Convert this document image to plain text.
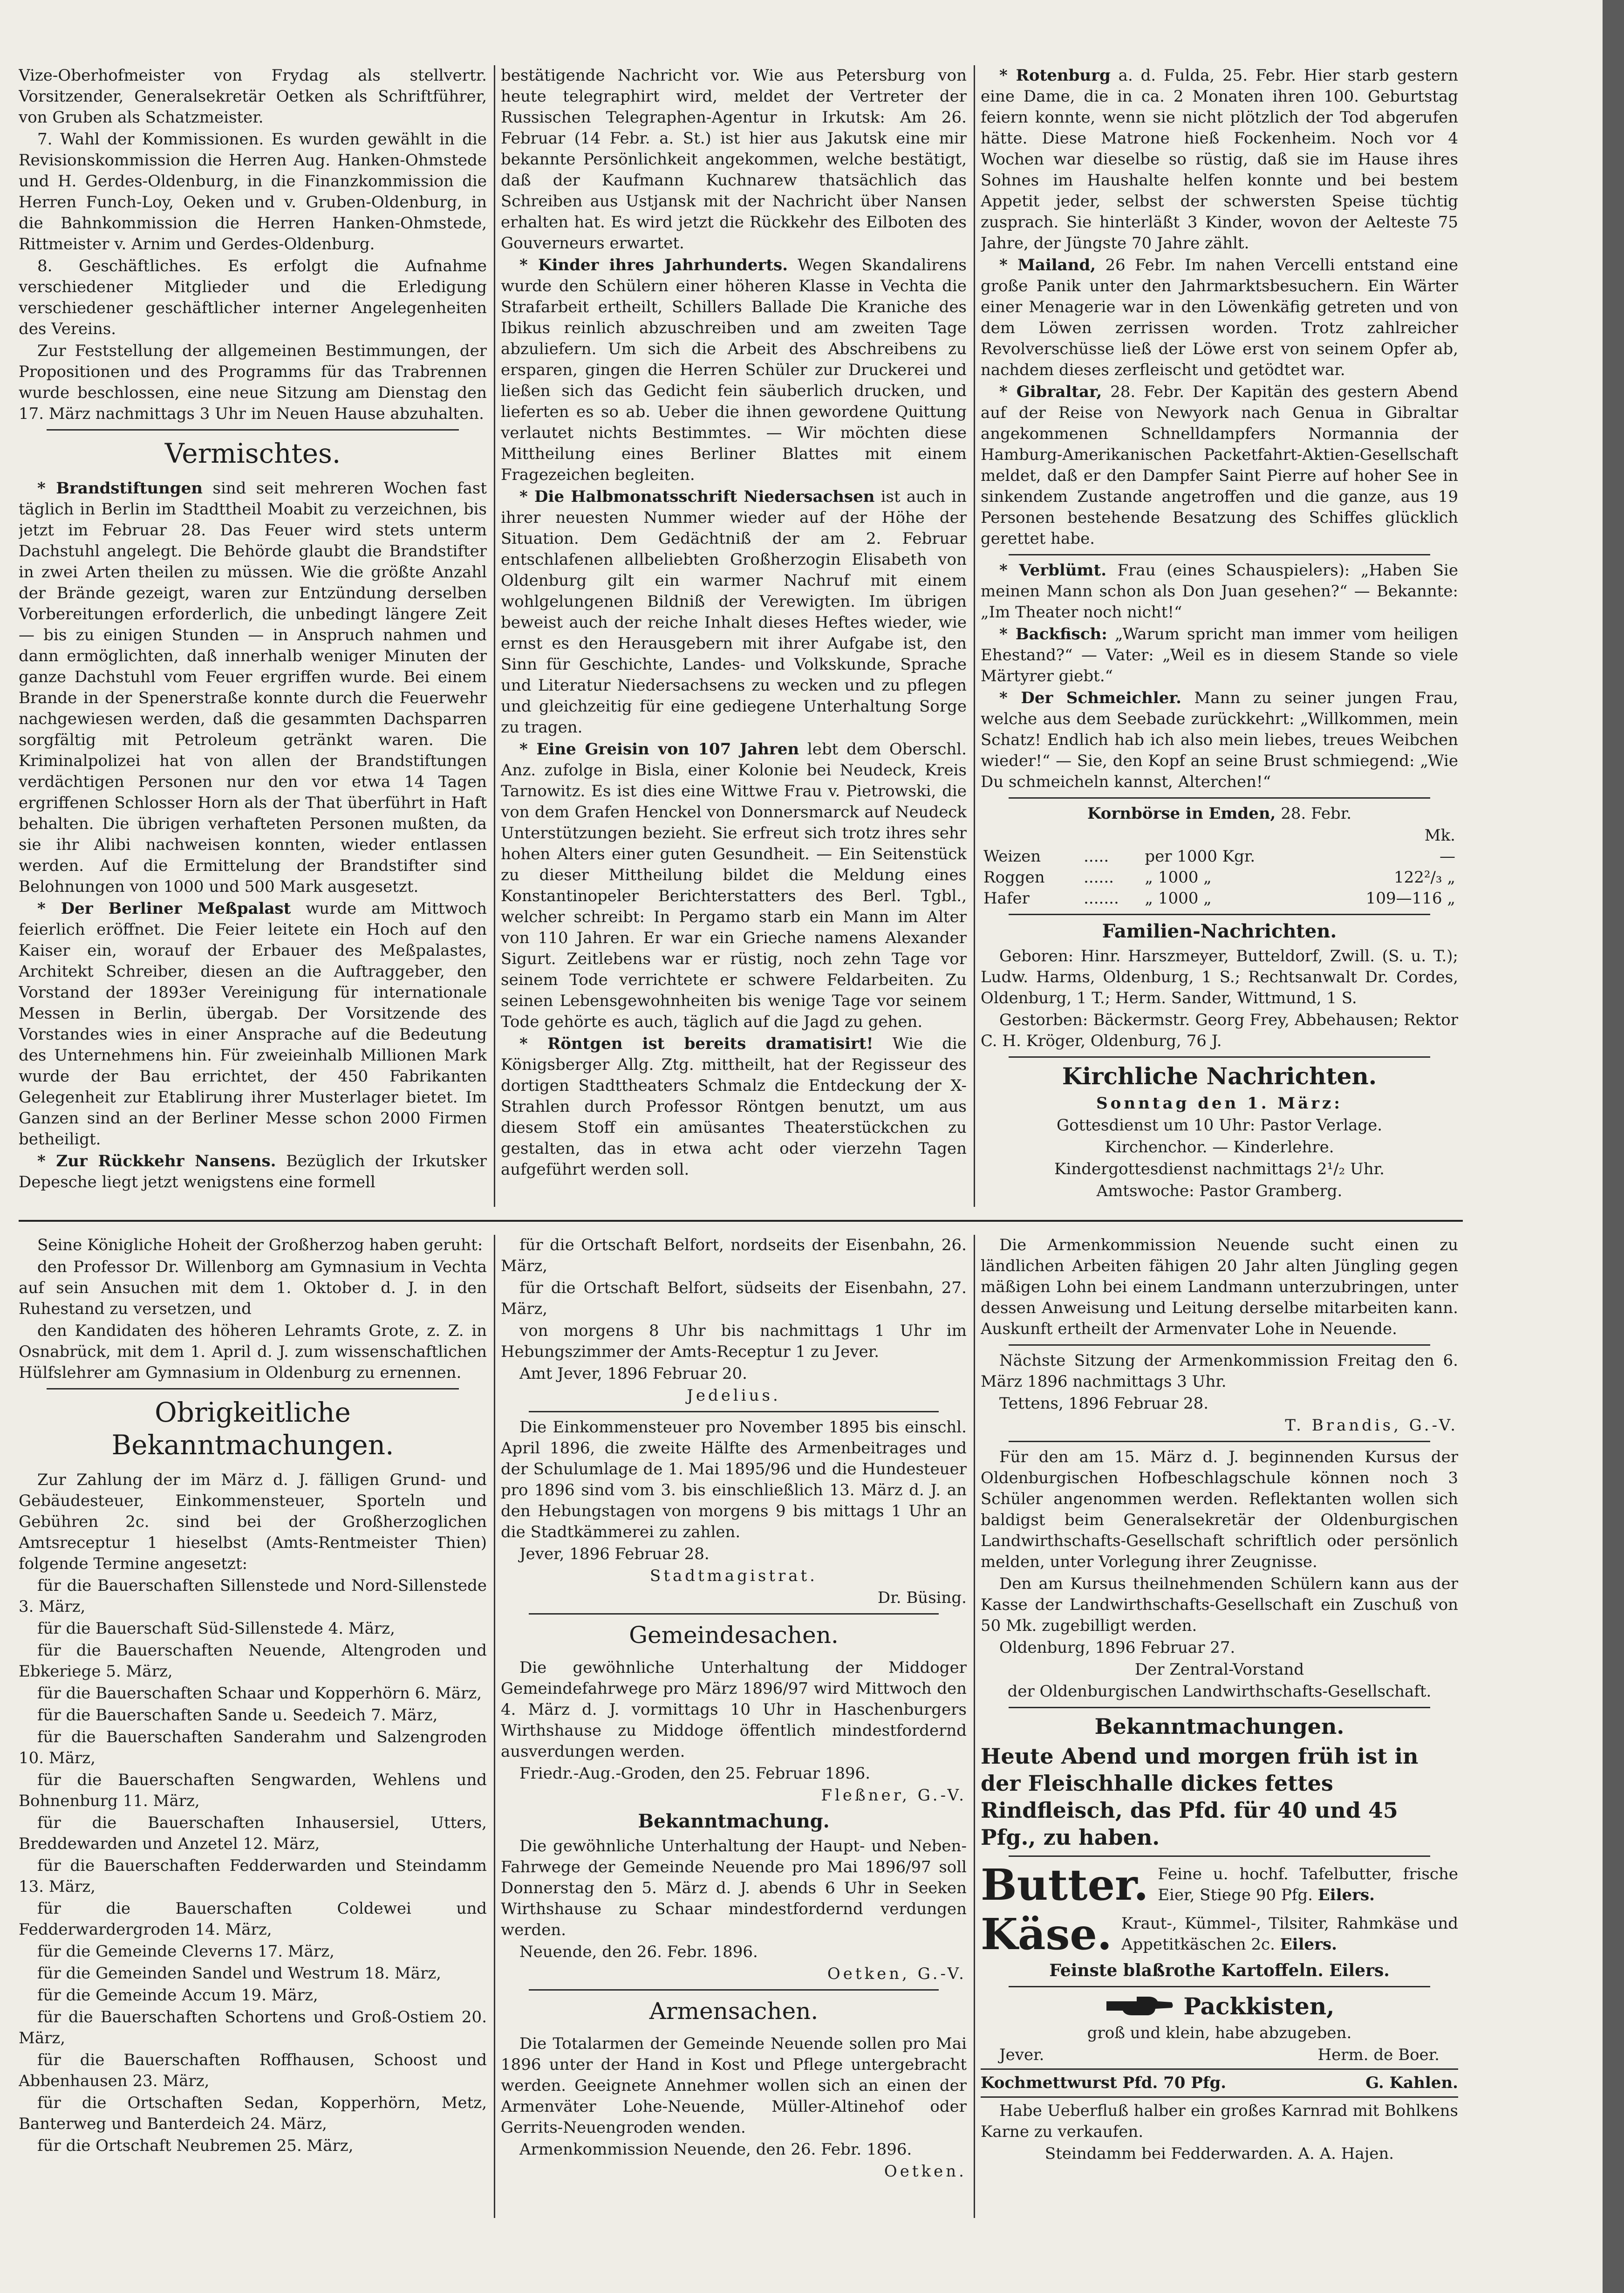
Vize-Oberhofmeister von Frydag als stellvertr. Vorsitzender, Generalsekretär Oetken als Schriftführer, von Gruben als Schatzmeister.

7. Wahl der Kommissionen. Es wurden gewählt in die Revisionskommission die Herren Aug. Hanken-Ohmstede und H. Gerdes-Oldenburg, in die Finanzkommission die Herren Funch-Loy, Oeken und v. Gruben-Oldenburg, in die Bahnkommission die Herren Hanken-Ohmstede, Rittmeister v. Arnim und Gerdes-Oldenburg.

8. Geschäftliches. Es erfolgt die Aufnahme verschiedener Mitglieder und die Erledigung verschiedener geschäftlicher interner Angelegenheiten des Vereins.

Zur Feststellung der allgemeinen Bestimmungen, der Propositionen und des Programms für das Trabrennen wurde beschlossen, eine neue Sitzung am Dienstag den 17. März nachmittags 3 Uhr im Neuen Hause abzuhalten.

Vermischtes.

* Brandstiftungen sind seit mehreren Wochen fast täglich in Berlin im Stadttheil Moabit zu verzeichnen, bis jetzt im Februar 28. Das Feuer wird stets unterm Dachstuhl angelegt. Die Behörde glaubt die Brandstifter in zwei Arten theilen zu müssen. Wie die größte Anzahl der Brände gezeigt, waren zur Entzündung derselben Vorbereitungen erforderlich, die unbedingt längere Zeit — bis zu einigen Stunden — in Anspruch nahmen und dann ermöglichten, daß innerhalb weniger Minuten der ganze Dachstuhl vom Feuer ergriffen wurde. Bei einem Brande in der Spenerstraße konnte durch die Feuerwehr nachgewiesen werden, daß die gesammten Dachsparren sorgfältig mit Petroleum getränkt waren. Die Kriminalpolizei hat von allen der Brandstiftungen verdächtigen Personen nur den vor etwa 14 Tagen ergriffenen Schlosser Horn als der That überführt in Haft behalten. Die übrigen verhafteten Personen mußten, da sie ihr Alibi nachweisen konnten, wieder entlassen werden. Auf die Ermittelung der Brandstifter sind Belohnungen von 1000 und 500 Mark ausgesetzt.

* Der Berliner Meßpalast wurde am Mittwoch feierlich eröffnet. Die Feier leitete ein Hoch auf den Kaiser ein, worauf der Erbauer des Meßpalastes, Architekt Schreiber, diesen an die Auftraggeber, den Vorstand der 1893er Vereinigung für internationale Messen in Berlin, übergab. Der Vorsitzende des Vorstandes wies in einer Ansprache auf die Bedeutung des Unternehmens hin. Für zweieinhalb Millionen Mark wurde der Bau errichtet, der 450 Fabrikanten Gelegenheit zur Etablirung ihrer Musterlager bietet. Im Ganzen sind an der Berliner Messe schon 2000 Firmen betheiligt.

* Zur Rückkehr Nansens. Bezüglich der Irkutsker Depesche liegt jetzt wenigstens eine formell

bestätigende Nachricht vor. Wie aus Petersburg von heute telegraphirt wird, meldet der Vertreter der Russischen Telegraphen-Agentur in Irkutsk: Am 26. Februar (14 Febr. a. St.) ist hier aus Jakutsk eine mir bekannte Persönlichkeit angekommen, welche bestätigt, daß der Kaufmann Kuchnarew thatsächlich das Schreiben aus Ustjansk mit der Nachricht über Nansen erhalten hat. Es wird jetzt die Rückkehr des Eilboten des Gouverneurs erwartet.

* Kinder ihres Jahrhunderts. Wegen Skandalirens wurde den Schülern einer höheren Klasse in Vechta die Strafarbeit ertheilt, Schillers Ballade Die Kraniche des Ibikus reinlich abzuschreiben und am zweiten Tage abzuliefern. Um sich die Arbeit des Abschreibens zu ersparen, gingen die Herren Schüler zur Druckerei und ließen sich das Gedicht fein säuberlich drucken, und lieferten es so ab. Ueber die ihnen gewordene Quittung verlautet nichts Bestimmtes. — Wir möchten diese Mittheilung eines Berliner Blattes mit einem Fragezeichen begleiten.

* Die Halbmonatsschrift Niedersachsen ist auch in ihrer neuesten Nummer wieder auf der Höhe der Situation. Dem Gedächtniß der am 2. Februar entschlafenen allbeliebten Großherzogin Elisabeth von Oldenburg gilt ein warmer Nachruf mit einem wohlgelungenen Bildniß der Verewigten. Im übrigen beweist auch der reiche Inhalt dieses Heftes wieder, wie ernst es den Herausgebern mit ihrer Aufgabe ist, den Sinn für Geschichte, Landes- und Volkskunde, Sprache und Literatur Niedersachsens zu wecken und zu pflegen und gleichzeitig für eine gediegene Unterhaltung Sorge zu tragen.

* Eine Greisin von 107 Jahren lebt dem Oberschl. Anz. zufolge in Bisla, einer Kolonie bei Neudeck, Kreis Tarnowitz. Es ist dies eine Wittwe Frau v. Pietrowski, die von dem Grafen Henckel von Donnersmarck auf Neudeck Unterstützungen bezieht. Sie erfreut sich trotz ihres sehr hohen Alters einer guten Gesundheit. — Ein Seitenstück zu dieser Mittheilung bildet die Meldung eines Konstantinopeler Berichterstatters des Berl. Tgbl., welcher schreibt: In Pergamo starb ein Mann im Alter von 110 Jahren. Er war ein Grieche namens Alexander Sigurt. Zeitlebens war er rüstig, noch zehn Tage vor seinem Tode verrichtete er schwere Feldarbeiten. Zu seinen Lebensgewohnheiten bis wenige Tage vor seinem Tode gehörte es auch, täglich auf die Jagd zu gehen.

* Röntgen ist bereits dramatisirt! Wie die Königsberger Allg. Ztg. mittheilt, hat der Regisseur des dortigen Stadttheaters Schmalz die Entdeckung der X-Strahlen durch Professor Röntgen benutzt, um aus diesem Stoff ein amüsantes Theaterstückchen zu gestalten, das in etwa acht oder vierzehn Tagen aufgeführt werden soll.

* Rotenburg a. d. Fulda, 25. Febr. Hier starb gestern eine Dame, die in ca. 2 Monaten ihren 100. Geburtstag feiern konnte, wenn sie nicht plötzlich der Tod abgerufen hätte. Diese Matrone hieß Fockenheim. Noch vor 4 Wochen war dieselbe so rüstig, daß sie im Hause ihres Sohnes im Haushalte helfen konnte und bei bestem Appetit jeder, selbst der schwersten Speise tüchtig zusprach. Sie hinterläßt 3 Kinder, wovon der Aelteste 75 Jahre, der Jüngste 70 Jahre zählt.

* Mailand, 26 Febr. Im nahen Vercelli entstand eine große Panik unter den Jahrmarktsbesuchern. Ein Wärter einer Menagerie war in den Löwenkäfig getreten und von dem Löwen zerrissen worden. Trotz zahlreicher Revolverschüsse ließ der Löwe erst von seinem Opfer ab, nachdem dieses zerfleischt und getödtet war.

* Gibraltar, 28. Febr. Der Kapitän des gestern Abend auf der Reise von Newyork nach Genua in Gibraltar angekommenen Schnelldampfers Normannia der Hamburg-Amerikanischen Packetfahrt-Aktien-Gesellschaft meldet, daß er den Dampfer Saint Pierre auf hoher See in sinkendem Zustande angetroffen und die ganze, aus 19 Personen bestehende Besatzung des Schiffes glücklich gerettet habe.

* Verblümt. Frau (eines Schauspielers): „Haben Sie meinen Mann schon als Don Juan gesehen?“ — Bekannte: „Im Theater noch nicht!“

* Backfisch: „Warum spricht man immer vom heiligen Ehestand?“ — Vater: „Weil es in diesem Stande so viele Märtyrer giebt.“

* Der Schmeichler. Mann zu seiner jungen Frau, welche aus dem Seebade zurückkehrt: „Willkommen, mein Schatz! Endlich hab ich also mein liebes, treues Weibchen wieder!“ — Sie, den Kopf an seine Brust schmiegend: „Wie Du schmeicheln kannst, Alterchen!“

Kornbörse in Emden, 28. Febr.

			Mk.
Weizen	.....	per 1000 Kgr.	—
Roggen	......	„ 1000 „	122²/₃ „
Hafer	.......	„ 1000 „	109—116 „
Familien-Nachrichten.

Geboren: Hinr. Harszmeyer, Butteldorf, Zwill. (S. u. T.); Ludw. Harms, Oldenburg, 1 S.; Rechtsanwalt Dr. Cordes, Oldenburg, 1 T.; Herm. Sander, Wittmund, 1 S.

Gestorben: Bäckermstr. Georg Frey, Abbehausen; Rektor C. H. Kröger, Oldenburg, 76 J.

Kirchliche Nachrichten.

Sonntag den 1. März:

Gottesdienst um 10 Uhr: Pastor Verlage.

Kirchenchor. — Kinderlehre.

Kindergottesdienst nachmittags 2¹/₂ Uhr.

Amtswoche: Pastor Gramberg.

Seine Königliche Hoheit der Großherzog haben geruht:

den Professor Dr. Willenborg am Gymnasium in Vechta auf sein Ansuchen mit dem 1. Oktober d. J. in den Ruhestand zu versetzen, und

den Kandidaten des höheren Lehramts Grote, z. Z. in Osnabrück, mit dem 1. April d. J. zum wissenschaftlichen Hülfslehrer am Gymnasium in Oldenburg zu ernennen.

Obrigkeitliche Bekanntmachungen.

Zur Zahlung der im März d. J. fälligen Grund- und Gebäudesteuer, Einkommensteuer, Sporteln und Gebühren 2c. sind bei der Großherzoglichen Amtsreceptur 1 hieselbst (Amts-Rentmeister Thien) folgende Termine angesetzt:

für die Bauerschaften Sillenstede und Nord-Sillenstede 3. März,

für die Bauerschaft Süd-Sillenstede 4. März,

für die Bauerschaften Neuende, Altengroden und Ebkeriege 5. März,

für die Bauerschaften Schaar und Kopperhörn 6. März,

für die Bauerschaften Sande u. Seedeich 7. März,

für die Bauerschaften Sanderahm und Salzengroden 10. März,

für die Bauerschaften Sengwarden, Wehlens und Bohnenburg 11. März,

für die Bauerschaften Inhausersiel, Utters, Breddewarden und Anzetel 12. März,

für die Bauerschaften Fedderwarden und Steindamm 13. März,

für die Bauerschaften Coldewei und Fedderwardergroden 14. März,

für die Gemeinde Cleverns 17. März,

für die Gemeinden Sandel und Westrum 18. März,

für die Gemeinde Accum 19. März,

für die Bauerschaften Schortens und Groß-Ostiem 20. März,

für die Bauerschaften Roffhausen, Schoost und Abbenhausen 23. März,

für die Ortschaften Sedan, Kopperhörn, Metz, Banterweg und Banterdeich 24. März,

für die Ortschaft Neubremen 25. März,

für die Ortschaft Belfort, nordseits der Eisenbahn, 26. März,

für die Ortschaft Belfort, südseits der Eisenbahn, 27. März,

von morgens 8 Uhr bis nachmittags 1 Uhr im Hebungszimmer der Amts-Receptur 1 zu Jever.

Amt Jever, 1896 Februar 20.

Jedelius.

Die Einkommensteuer pro November 1895 bis einschl. April 1896, die zweite Hälfte des Armenbeitrages und der Schulumlage de 1. Mai 1895/96 und die Hundesteuer pro 1896 sind vom 3. bis einschließlich 13. März d. J. an den Hebungstagen von morgens 9 bis mittags 1 Uhr an die Stadtkämmerei zu zahlen.

Jever, 1896 Februar 28.

Stadtmagistrat.

Dr. Büsing.

Gemeindesachen.

Die gewöhnliche Unterhaltung der Middoger Gemeindefahrwege pro März 1896/97 wird Mittwoch den 4. März d. J. vormittags 10 Uhr in Haschenburgers Wirthshause zu Middoge öffentlich mindestfordernd ausverdungen werden.

Friedr.-Aug.-Groden, den 25. Februar 1896.

Fleßner, G.-V.

Bekanntmachung.

Die gewöhnliche Unterhaltung der Haupt- und Neben-Fahrwege der Gemeinde Neuende pro Mai 1896/97 soll Donnerstag den 5. März d. J. abends 6 Uhr in Seeken Wirthshause zu Schaar mindestfordernd verdungen werden.

Neuende, den 26. Febr. 1896.

Oetken, G.-V.

Armensachen.

Die Totalarmen der Gemeinde Neuende sollen pro Mai 1896 unter der Hand in Kost und Pflege untergebracht werden. Geeignete Annehmer wollen sich an einen der Armenväter Lohe-Neuende, Müller-Altinehof oder Gerrits-Neuengroden wenden.

Armenkommission Neuende, den 26. Febr. 1896.

Oetken.

Die Armenkommission Neuende sucht einen zu ländlichen Arbeiten fähigen 20 Jahr alten Jüngling gegen mäßigen Lohn bei einem Landmann unterzubringen, unter dessen Anweisung und Leitung derselbe mitarbeiten kann. Auskunft ertheilt der Armenvater Lohe in Neuende.

Nächste Sitzung der Armenkommission Freitag den 6. März 1896 nachmittags 3 Uhr.

Tettens, 1896 Februar 28.

T. Brandis, G.-V.

Für den am 15. März d. J. beginnenden Kursus der Oldenburgischen Hofbeschlagschule können noch 3 Schüler angenommen werden. Reflektanten wollen sich baldigst beim Generalsekretär der Oldenburgischen Landwirthschafts-Gesellschaft schriftlich oder persönlich melden, unter Vorlegung ihrer Zeugnisse.

Den am Kursus theilnehmenden Schülern kann aus der Kasse der Landwirthschafts-Gesellschaft ein Zuschuß von 50 Mk. zugebilligt werden.

Oldenburg, 1896 Februar 27.

Der Zentral-Vorstand

der Oldenburgischen Landwirthschafts-Gesellschaft.

Bekanntmachungen.

Heute Abend und morgen früh ist in der Fleischhalle dickes fettes Rindfleisch, das Pfd. für 40 und 45 Pfg., zu haben.

Butter. Feine u. hochf. Tafelbutter, frische Eier, Stiege 90 Pfg. Eilers.
Käse. Kraut-, Kümmel-, Tilsiter, Rahmkäse und Appetitkäschen 2c. Eilers.

Feinste blaßrothe Kartoffeln. Eilers.

Packkisten,

groß und klein, habe abzugeben.

Jever.	Herm. de Boer.
Kochmettwurst Pfd. 70 Pfg.	G. Kahlen.

Habe Ueberfluß halber ein großes Karnrad mit Bohlkens Karne zu verkaufen.

Steindamm bei Fedderwarden. A. A. Hajen.
